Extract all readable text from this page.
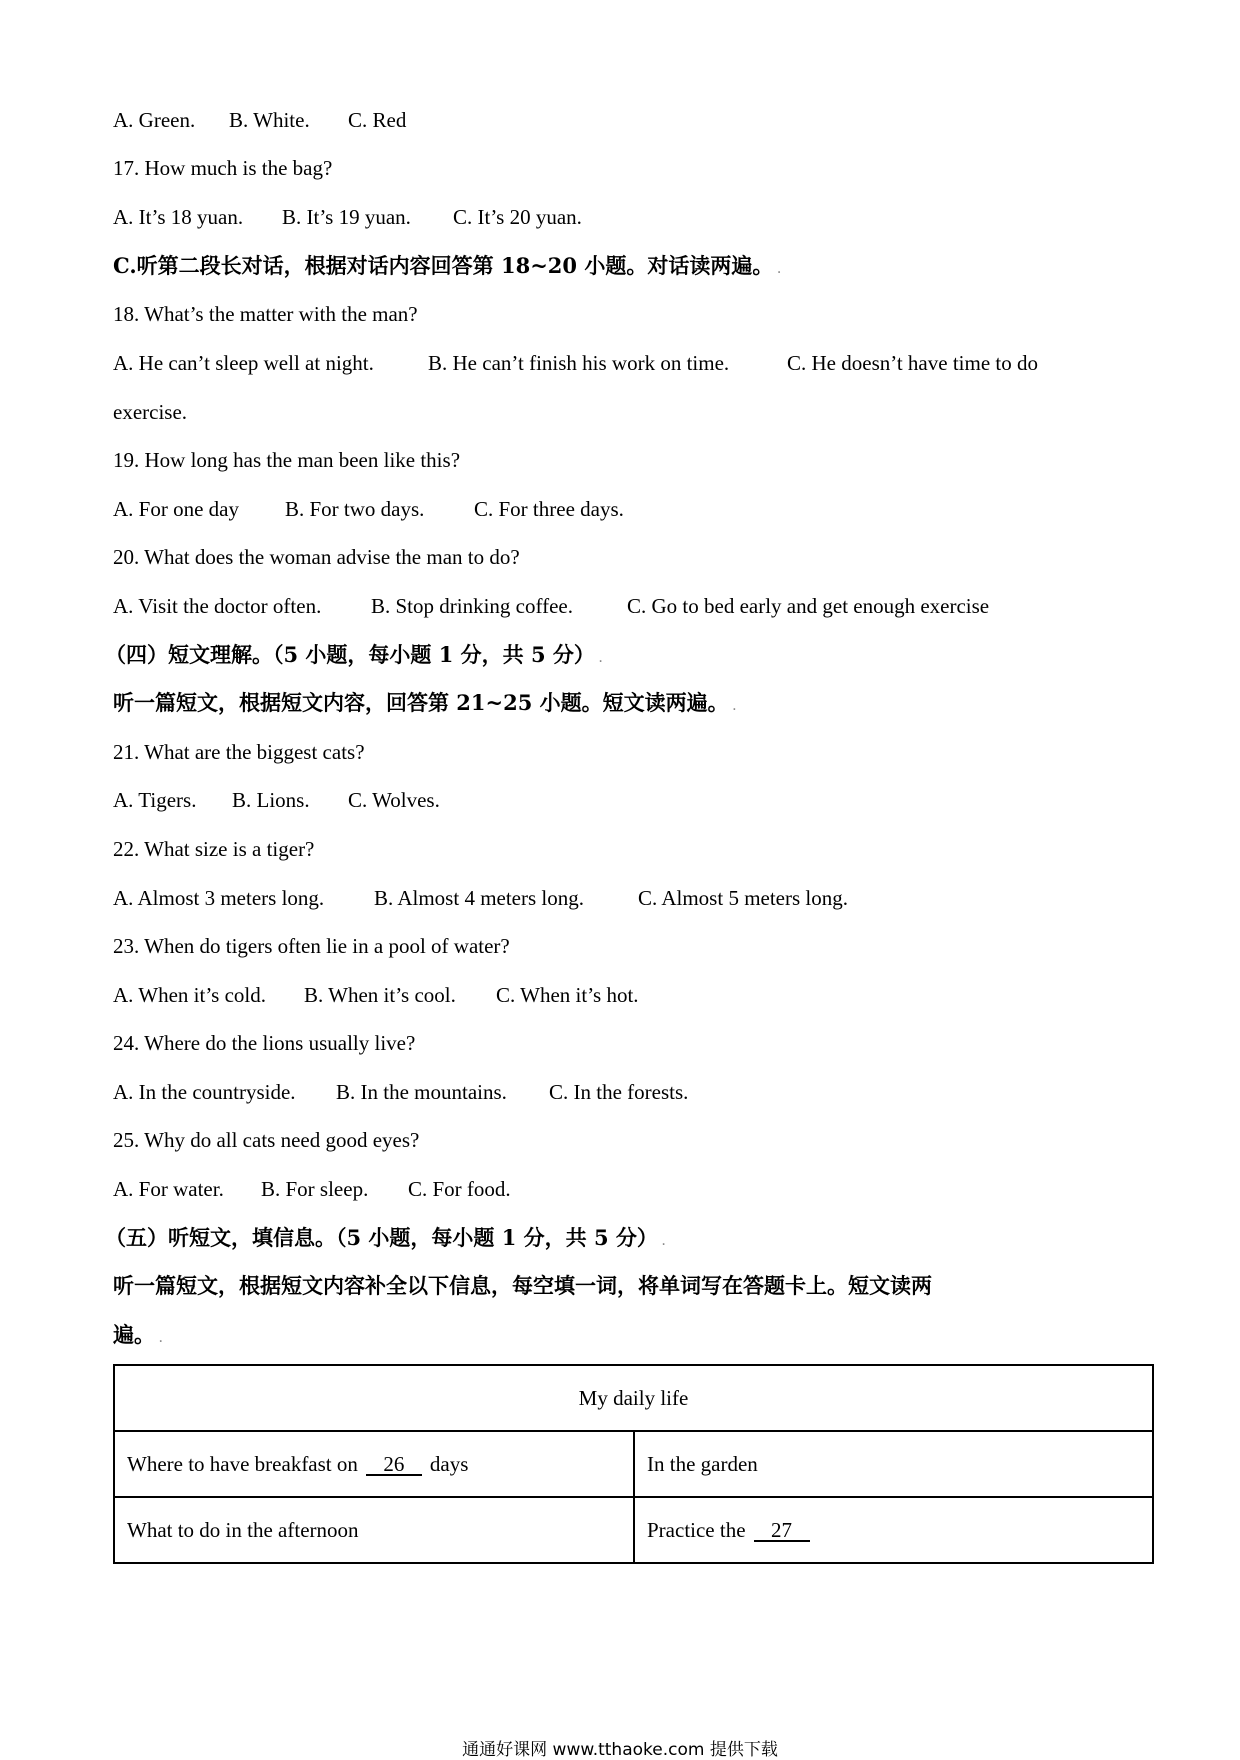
A. Green. B. White. C. Red
17. How much is the bag?
A. It’s 18 yuan. B. It’s 19 yuan. C. It’s 20 yuan.
C.听第二段长对话，根据对话内容回答第 18~20 小题。对话读两遍。 .
18. What’s the matter with the man?
A. He can’t sleep well at night.	B. He can’t finish his work on time.	C. He doesn’t have time to do
exercise.
19. How long has the man been like this?
A. For one day B. For two days. C. For three days.
20. What does the woman advise the man to do?
A. Visit the doctor often. B. Stop drinking coffee.	C. Go to bed early and get enough exercise
（四）短文理解。（5 小题，每小题 1 分，共 5 分） .
听一篇短文，根据短文内容，回答第 21~25 小题。短文读两遍。 .
21. What are the biggest cats?
A. Tigers. B. Lions. C. Wolves.
22. What size is a tiger?
A. Almost 3 meters long. B. Almost 4 meters long.	C. Almost 5 meters long.
23. When do tigers often lie in a pool of water?
A. When it’s cold. B. When it’s cool. C. When it’s hot.
24. Where do the lions usually live?
A. In the countryside. B. In the mountains. C. In the forests.
25. Why do all cats need good eyes?
A. For water. B. For sleep. C. For food.
（五）听短文，填信息。（5 小题，每小题 1 分，共 5 分） .
听一篇短文，根据短文内容补全以下信息，每空填一词，将单词写在答题卡上。短文读两
遍。 .
My daily life	
Where to have breakfast on 26 days	In the garden
What to do in the afternoon	Practice the 27
通通好课网 www.tthaoke.com 提供下载
